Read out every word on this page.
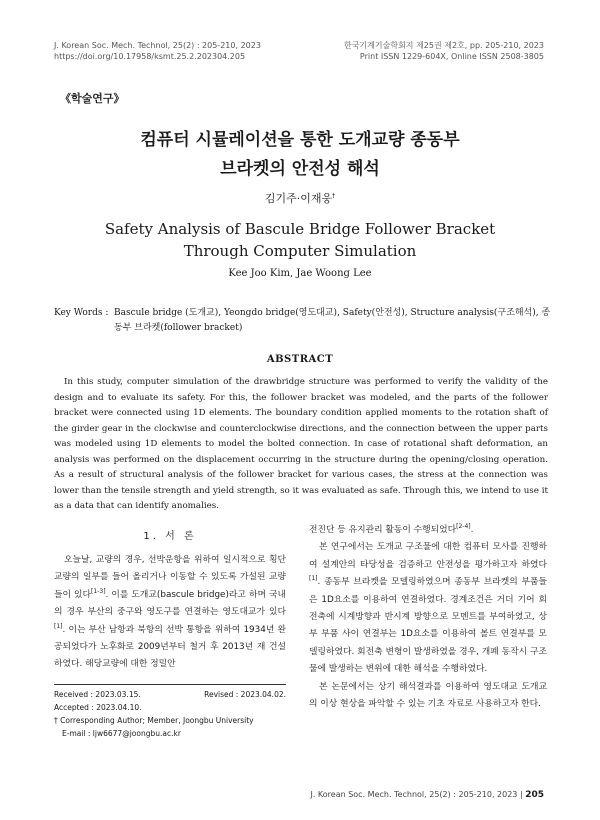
J. Korean Soc. Mech. Technol, 25(2) : 205-210, 2023
https://doi.org/10.17958/ksmt.25.2.202304.205
한국기계기술학회지 제25권 제2호, pp. 205-210, 2023
Print ISSN 1229-604X, Online ISSN 2508-3805
《학술연구》
컴퓨터 시뮬레이션을 통한 도개교량 종동부
브라켓의 안전성 해석
김기주·이재웅†
Safety Analysis of Bascule Bridge Follower Bracket
Through Computer Simulation
Kee Joo Kim, Jae Woong Lee
Key Words : Bascule bridge (도개교), Yeongdo bridge(영도대교), Safety(안전성), Structure analysis(구조해석), 종동부 브라켓(follower bracket)
ABSTRACT
In this study, computer simulation of the drawbridge structure was performed to verify the validity of the design and to evaluate its safety. For this, the follower bracket was modeled, and the parts of the follower bracket were connected using 1D elements. The boundary condition applied moments to the rotation shaft of the girder gear in the clockwise and counterclockwise directions, and the connection between the upper parts was modeled using 1D elements to model the bolted connection. In case of rotational shaft deformation, an analysis was performed on the displacement occurring in the structure during the opening/closing operation. As a result of structural analysis of the follower bracket for various cases, the stress at the connection was lower than the tensile strength and yield strength, so it was evaluated as safe. Through this, we intend to use it as a data that can identify anomalies.
1. 서 론

오늘날, 교량의 경우, 선박운항을 위하여 일시적으로 횡단교량의 일부를 들어 올리거나 이동할 수 있도록 가설된 교량들이 있다[1-3]. 이를 도개교(bascule bridge)라고 하며 국내의 경우 부산의 중구와 영도구를 연결하는 영도대교가 있다[1]. 이는 부산 남항과 북항의 선박 통항을 위하여 1934년 완공되었다가 노후화로 2009년부터 철거 후 2013년 재 건설하였다. 해당교량에 대한 정밀안

Received : 2023.03.15.	Revised : 2023.04.02.
Accepted : 2023.04.10.
† Corresponding Author; Member, Joongbu University
E-mail : ljw6677@joongbu.ac.kr

전진단 등 유지관리 활동이 수행되었다[2-4].

본 연구에서는 도개교 구조물에 대한 컴퓨터 모사를 진행하여 설계안의 타당성을 검증하고 안전성을 평가하고자 하였다[1]. 종동부 브라켓을 모델링하였으며 종동부 브라켓의 부품들은 1D요소를 이용하여 연결하였다. 경계조건은 거더 기어 회전축에 시계방향과 반시계 방향으로 모멘트를 부여하였고, 상부 부품 사이 연결부는 1D요소를 이용하여 볼트 연결부를 모델링하였다. 회전축 변형이 발생하였을 경우, 개폐 동작시 구조물에 발생하는 변위에 대한 해석을 수행하였다.

본 논문에서는 상기 해석결과를 이용하여 영도대교 도개교의 이상 현상을 파악할 수 있는 기초 자료로 사용하고자 한다.

J. Korean Soc. Mech. Technol, 25(2) : 205-210, 2023 | 205
